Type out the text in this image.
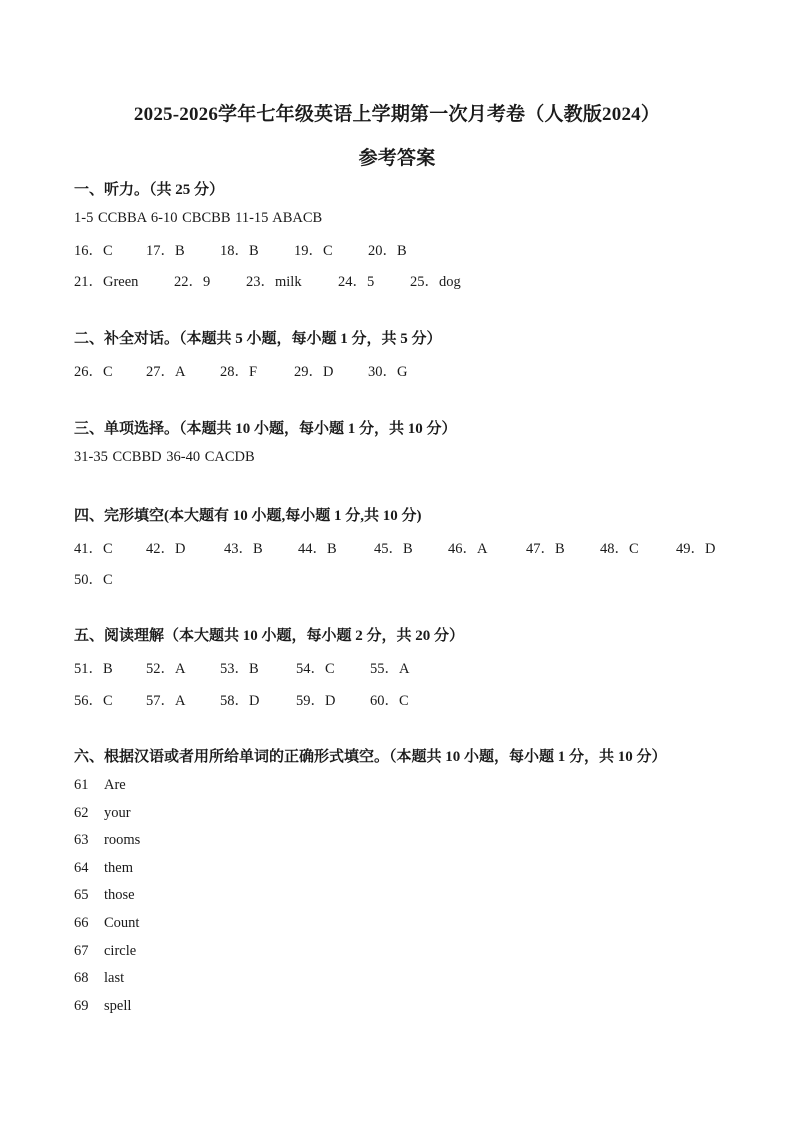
2025-2026学年七年级英语上学期第一次月考卷（人教版2024）
参考答案
一、听力。（共 25 分）
1-5 CCBBA 6-10 CBCBB 11-15 ABACB
16．C 17．B 18．B 19．C 20．B
21．Green 22．9 23．milk	24．5 25．dog
二、补全对话。（本题共 5 小题，每小题 1 分，共 5 分）
26．C 27．A 28．F	29．D 30．G
三、单项选择。（本题共 10 小题，每小题 1 分，共 10 分）
31-35 CCBBD 36-40 CACDB
四、完形填空(本大题有 10 小题,每小题 1 分,共 10 分)
41．C 42．D	43．B 44．B	45．B 46．A	47．B 48．C	49．D
50．C
五、阅读理解（本大题共 10 小题，每小题 2 分，共 20 分）
51．B 52．A 53．B	54．C 55．A
56．C 57．A 58．D	59．D 60．C
六、根据汉语或者用所给单词的正确形式填空。（本题共 10 小题，每小题 1 分，共 10 分）
61 Are
62 your
63 rooms
64 them
65 those
66 Count
67 circle
68 last
69 spell
